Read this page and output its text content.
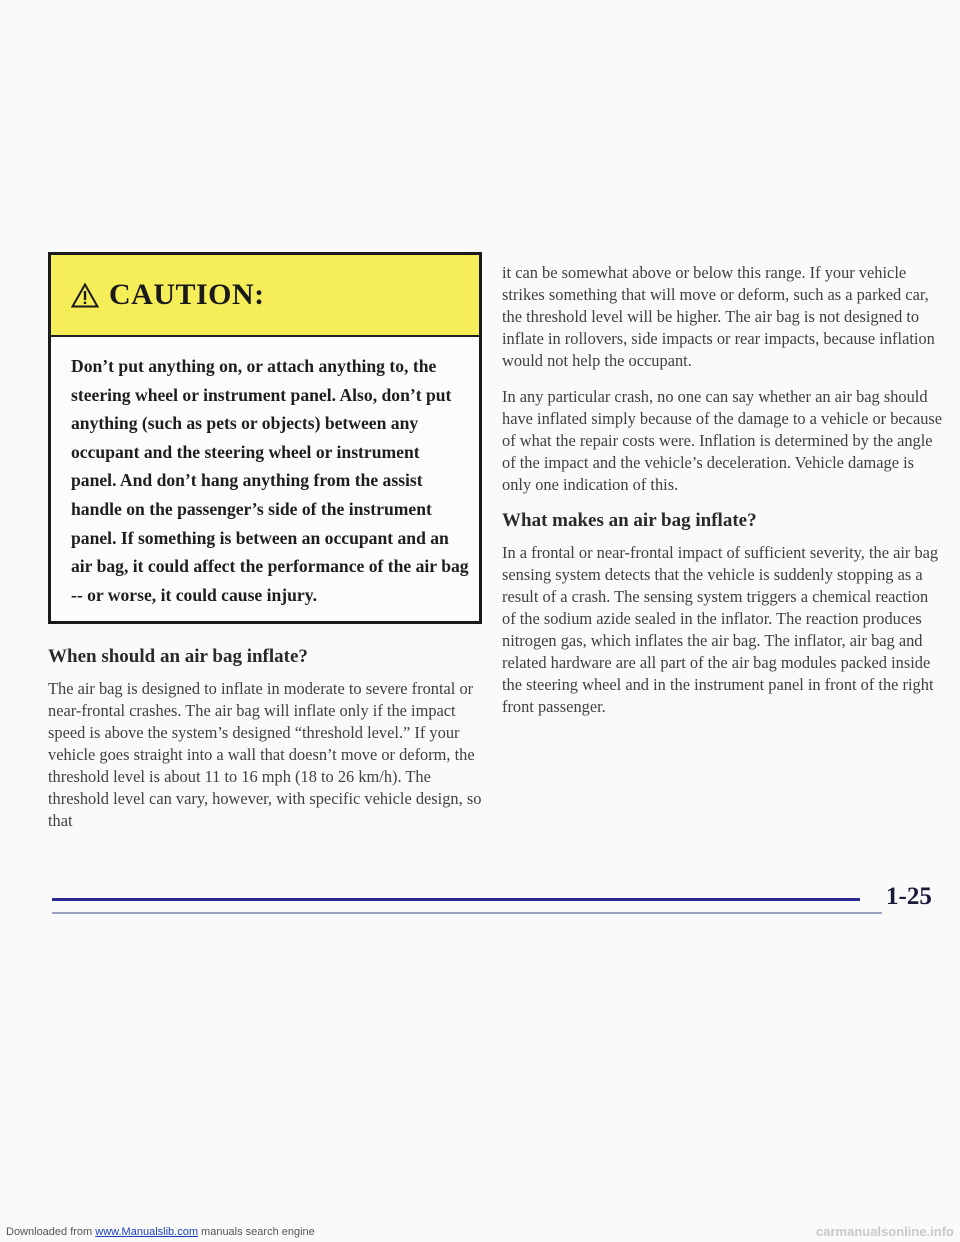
CAUTION:
Don’t put anything on, or attach anything to, the steering wheel or instrument panel. Also, don’t put anything (such as pets or objects) between any occupant and the steering wheel or instrument panel. And don’t hang anything from the assist handle on the passenger’s side of the instrument panel. If something is between an occupant and an air bag, it could affect the performance of the air bag -- or worse, it could cause injury.
When should an air bag inflate?

The air bag is designed to inflate in moderate to severe frontal or near-frontal crashes. The air bag will inflate only if the impact speed is above the system’s designed “threshold level.” If your vehicle goes straight into a wall that doesn’t move or deform, the threshold level is about 11 to 16 mph (18 to 26 km/h). The threshold level can vary, however, with specific vehicle design, so that

it can be somewhat above or below this range. If your vehicle strikes something that will move or deform, such as a parked car, the threshold level will be higher. The air bag is not designed to inflate in rollovers, side impacts or rear impacts, because inflation would not help the occupant.

In any particular crash, no one can say whether an air bag should have inflated simply because of the damage to a vehicle or because of what the repair costs were. Inflation is determined by the angle of the impact and the vehicle’s deceleration. Vehicle damage is only one indication of this.

What makes an air bag inflate?

In a frontal or near-frontal impact of sufficient severity, the air bag sensing system detects that the vehicle is suddenly stopping as a result of a crash. The sensing system triggers a chemical reaction of the sodium azide sealed in the inflator. The reaction produces nitrogen gas, which inflates the air bag. The inflator, air bag and related hardware are all part of the air bag modules packed inside the steering wheel and in the instrument panel in front of the right front passenger.

1-25
Downloaded from www.Manualslib.com manuals search engine	carmanualsonline.info
